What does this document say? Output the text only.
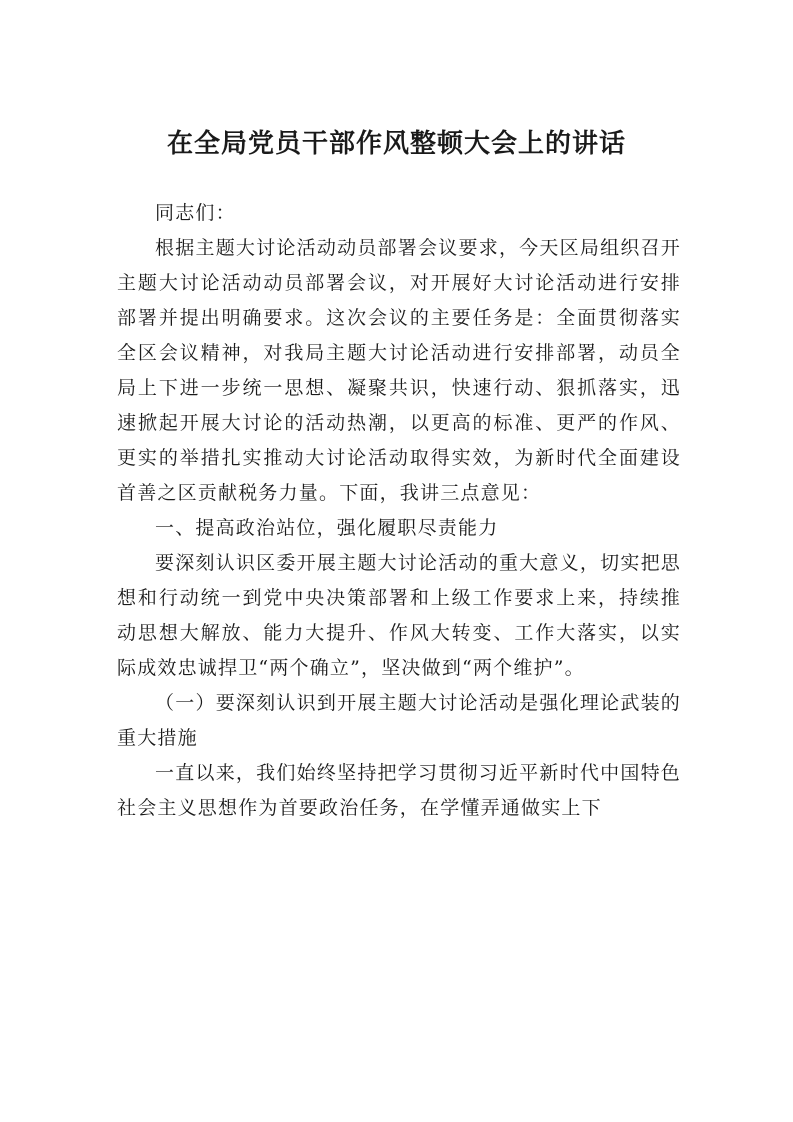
在全局党员干部作风整顿大会上的讲话

同志们：

根据主题大讨论活动动员部署会议要求，今天区局组织召开主题大讨论活动动员部署会议，对开展好大讨论活动进行安排部署并提出明确要求。这次会议的主要任务是：全面贯彻落实全区会议精神，对我局主题大讨论活动进行安排部署，动员全局上下进一步统一思想、凝聚共识，快速行动、狠抓落实，迅速掀起开展大讨论的活动热潮，以更高的标准、更严的作风、更实的举措扎实推动大讨论活动取得实效，为新时代全面建设首善之区贡献税务力量。下面，我讲三点意见：

一、提高政治站位，强化履职尽责能力

要深刻认识区委开展主题大讨论活动的重大意义，切实把思想和行动统一到党中央决策部署和上级工作要求上来，持续推动思想大解放、能力大提升、作风大转变、工作大落实，以实际成效忠诚捍卫“两个确立”，坚决做到“两个维护”。

（一）要深刻认识到开展主题大讨论活动是强化理论武装的重大措施

一直以来，我们始终坚持把学习贯彻习近平新时代中国特色社会主义思想作为首要政治任务，在学懂弄通做实上下
